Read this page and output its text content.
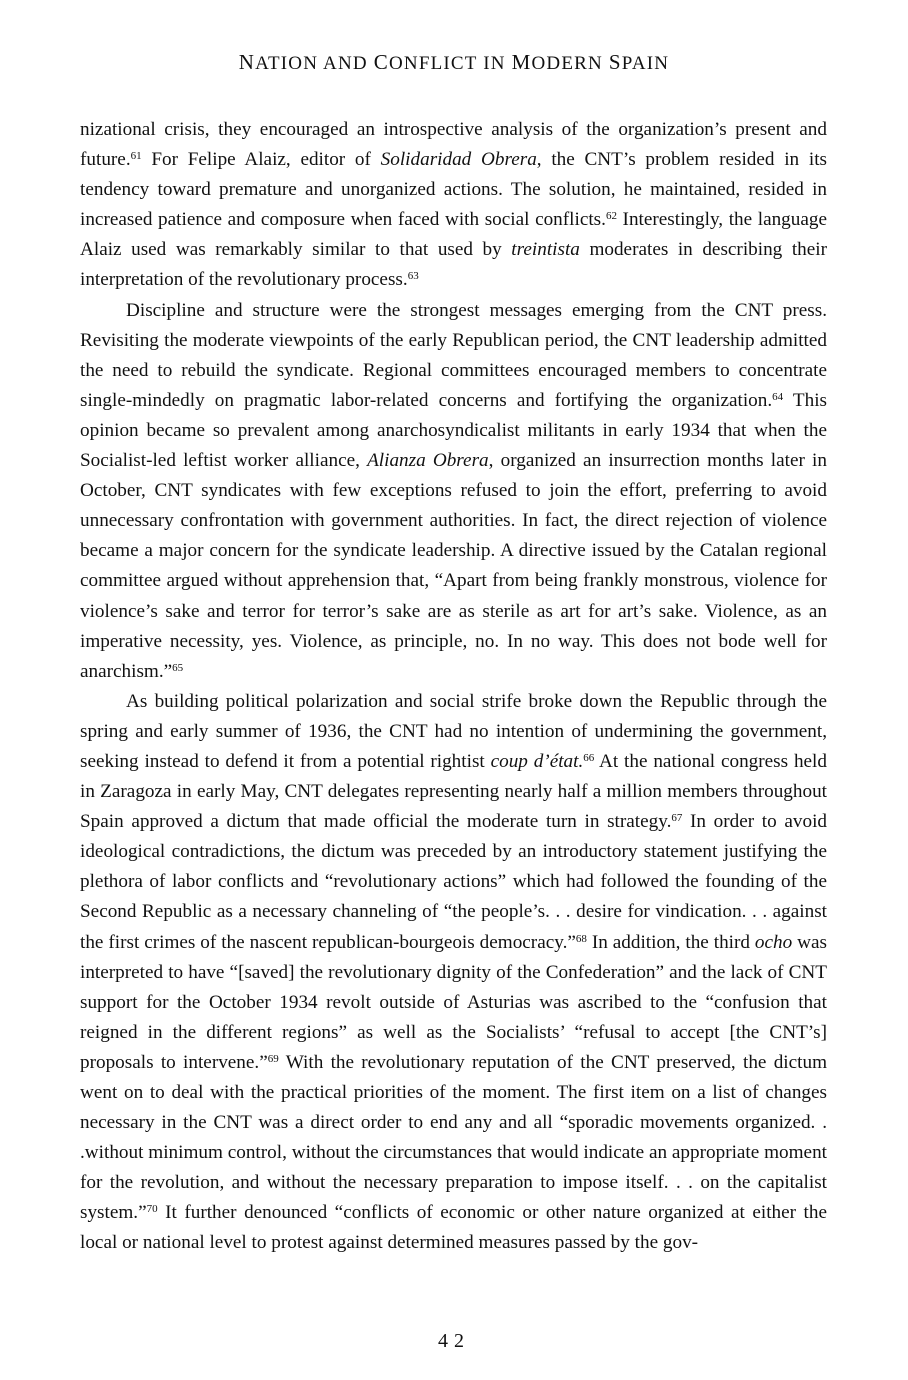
NATION AND CONFLICT IN MODERN SPAIN

nizational crisis, they encouraged an introspective analysis of the organization’s present and future.$^{61}$ For Felipe Alaiz, editor of Solidaridad Obrera, the CNT’s problem resided in its tendency toward premature and unorganized actions. The solution, he maintained, resided in increased patience and composure when faced with social conflicts.$^{62}$ Interestingly, the language Alaiz used was remarkably similar to that used by treintista moderates in describing their interpretation of the revolutionary process.$^{63}$

Discipline and structure were the strongest messages emerging from the CNT press. Revisiting the moderate viewpoints of the early Republican period, the CNT leadership admitted the need to rebuild the syndicate. Regional committees encouraged members to concentrate single-mindedly on pragmatic labor-related concerns and fortifying the organization.$^{64}$ This opinion became so prevalent among anarchosyndicalist militants in early 1934 that when the Socialist-led leftist worker alliance, Alianza Obrera, organized an insurrection months later in October, CNT syndicates with few exceptions refused to join the effort, preferring to avoid unnecessary confrontation with government authorities. In fact, the direct rejection of violence became a major concern for the syndicate leadership. A directive issued by the Catalan regional committee argued without apprehension that, “Apart from being frankly monstrous, violence for violence’s sake and terror for terror’s sake are as sterile as art for art’s sake. Violence, as an imperative necessity, yes. Violence, as principle, no. In no way. This does not bode well for anarchism.”$^{65}$

As building political polarization and social strife broke down the Republic through the spring and early summer of 1936, the CNT had no intention of undermining the government, seeking instead to defend it from a potential rightist coup d’état.$^{66}$ At the national congress held in Zaragoza in early May, CNT delegates representing nearly half a million members throughout Spain approved a dictum that made official the moderate turn in strategy.$^{67}$ In order to avoid ideological contradictions, the dictum was preceded by an introductory statement justifying the plethora of labor conflicts and “revolutionary actions” which had followed the founding of the Second Republic as a necessary channeling of “the people’s. . . desire for vindication. . . against the first crimes of the nascent republican-bourgeois democracy.”$^{68}$ In addition, the third ocho was interpreted to have “[saved] the revolutionary dignity of the Confederation” and the lack of CNT support for the October 1934 revolt outside of Asturias was ascribed to the “confusion that reigned in the different regions” as well as the Socialists’ “refusal to accept [the CNT’s] proposals to intervene.”$^{69}$ With the revolutionary reputation of the CNT preserved, the dictum went on to deal with the practical priorities of the moment. The first item on a list of changes necessary in the CNT was a direct order to end any and all “sporadic movements organized. . .without minimum control, without the circumstances that would indicate an appropriate moment for the revolution, and without the necessary preparation to impose itself. . . on the capitalist system.”$^{70}$ It further denounced “conflicts of economic or other nature organized at either the local or national level to protest against determined measures passed by the gov-

42
